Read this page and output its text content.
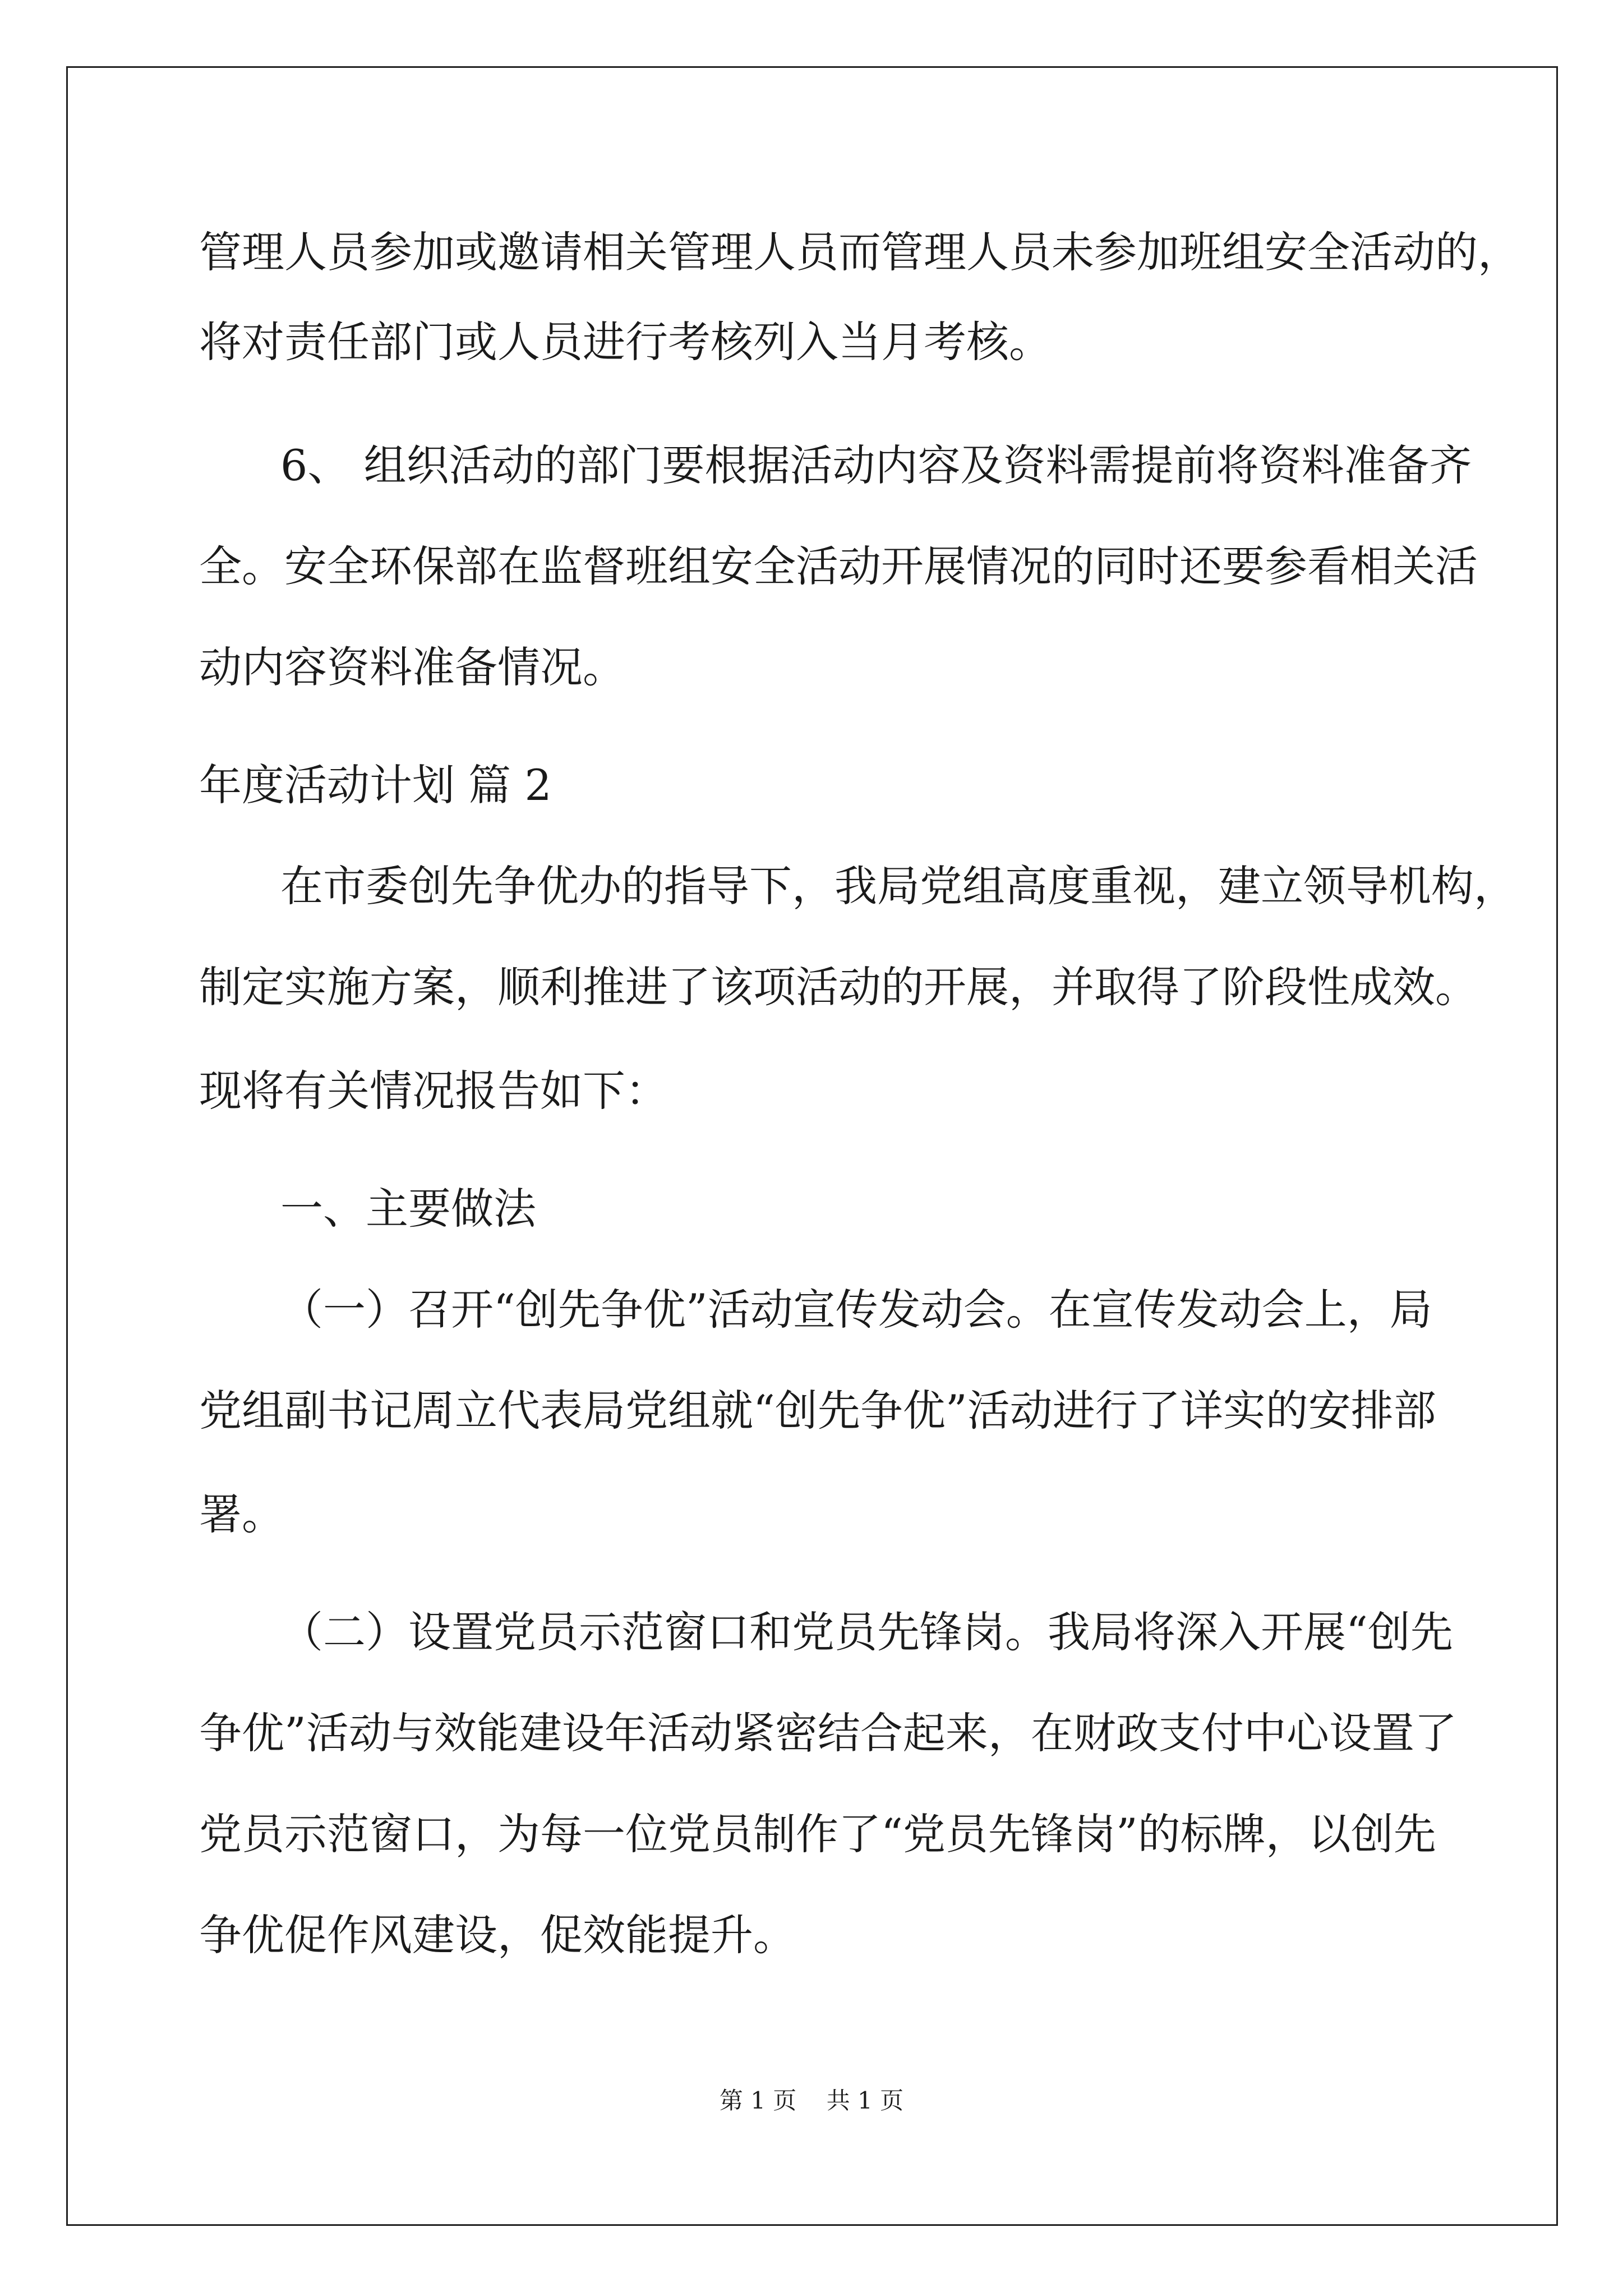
管理人员参加或邀请相关管理人员而管理人员未参加班组安全活动的，
将对责任部门或人员进行考核列入当月考核。
6、 组织活动的部门要根据活动内容及资料需提前将资料准备齐
全。安全环保部在监督班组安全活动开展情况的同时还要参看相关活
动内容资料准备情况。
年度活动计划 篇 2
在市委创先争优办的指导下，我局党组高度重视，建立领导机构，
制定实施方案，顺利推进了该项活动的开展，并取得了阶段性成效。
现将有关情况报告如下：
一、主要做法
（一）召开“创先争优”活动宣传发动会。在宣传发动会上，局
党组副书记周立代表局党组就“创先争优”活动进行了详实的安排部
署。
（二）设置党员示范窗口和党员先锋岗。我局将深入开展“创先
争优”活动与效能建设年活动紧密结合起来，在财政支付中心设置了
党员示范窗口，为每一位党员制作了“党员先锋岗”的标牌，以创先
争优促作风建设，促效能提升。
第 1 页    共 1 页
